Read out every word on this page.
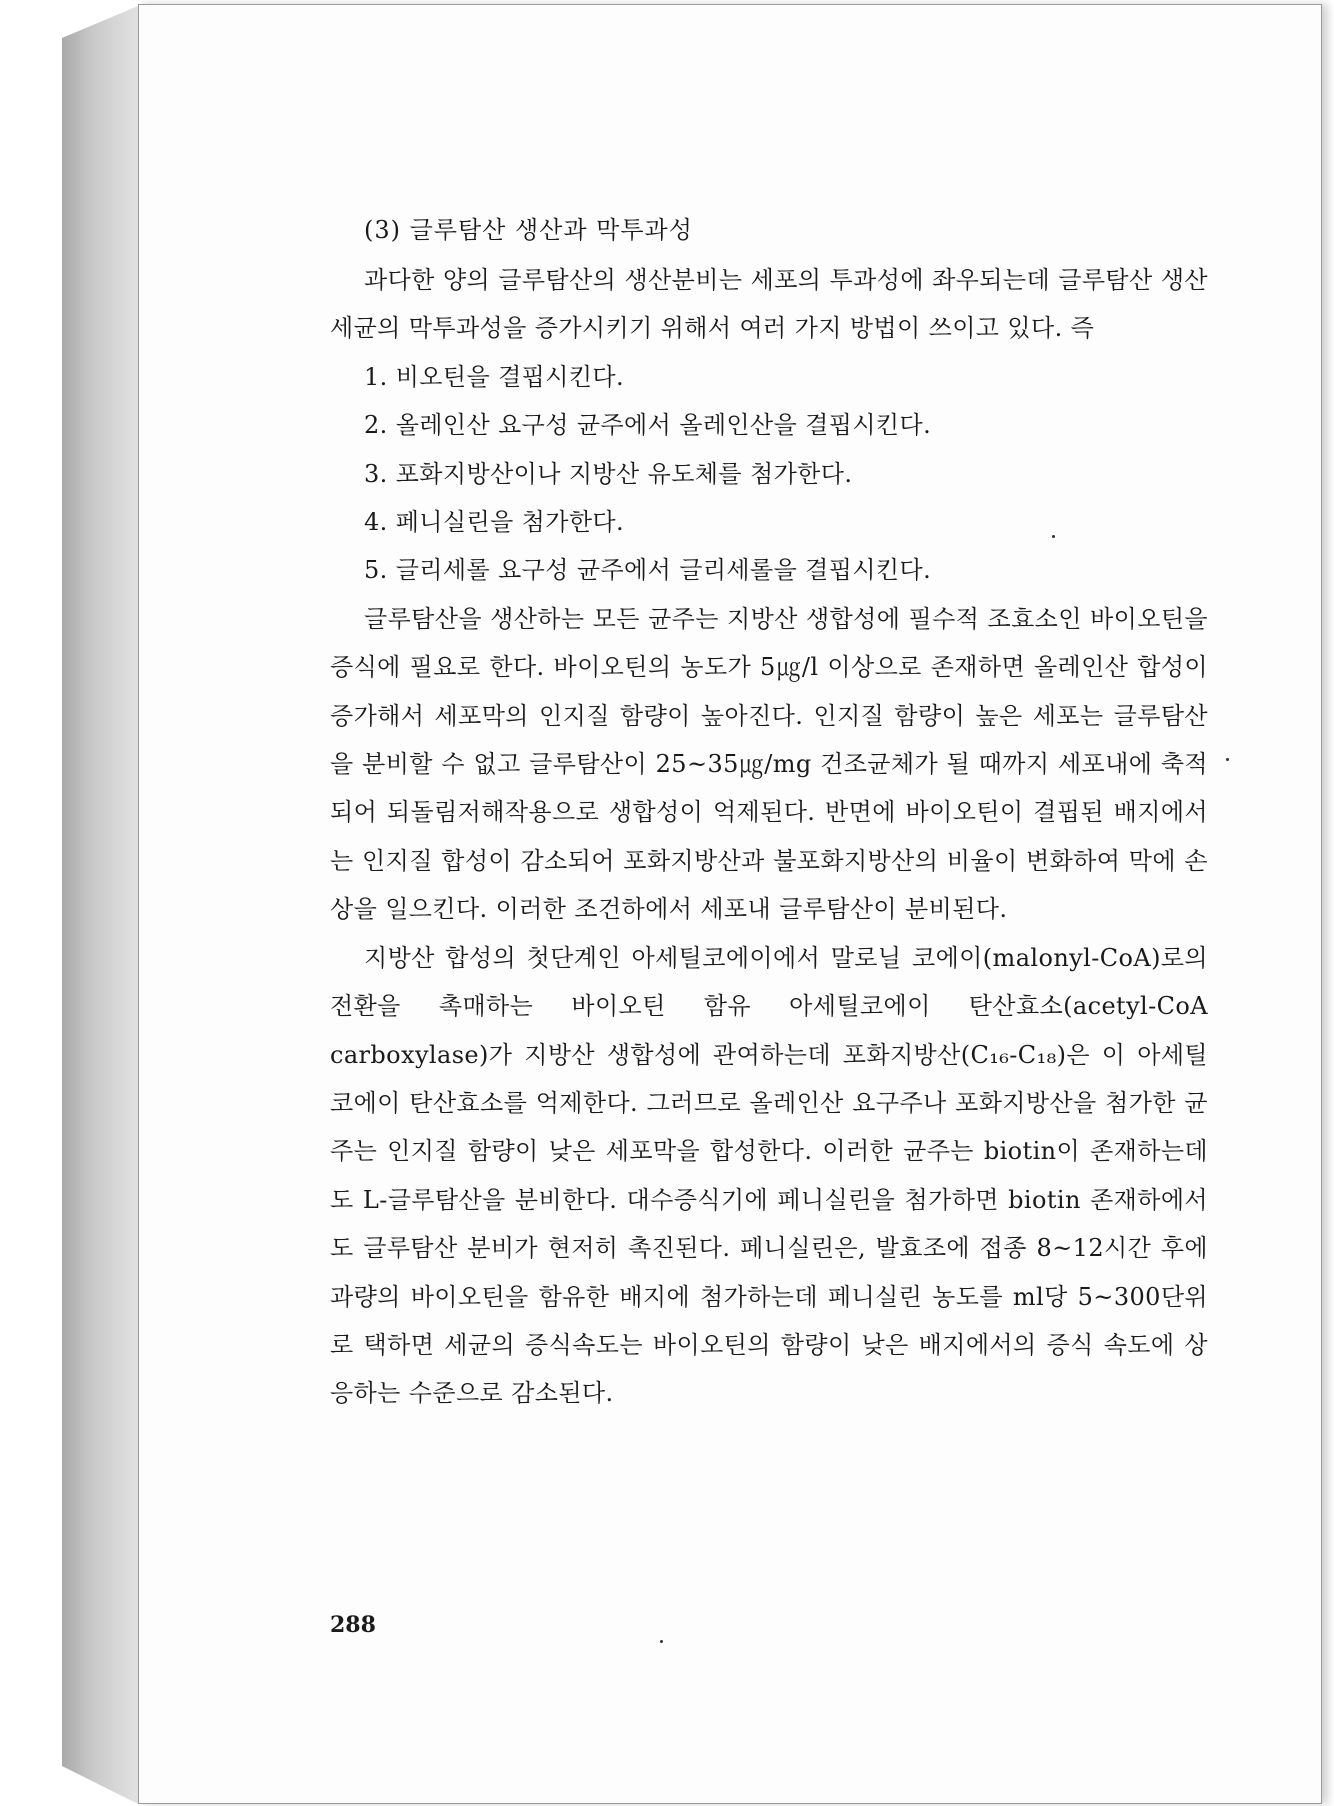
(3) 글루탐산 생산과 막투과성

과다한 양의 글루탐산의 생산분비는 세포의 투과성에 좌우되는데 글루탐산 생산세균의 막투과성을 증가시키기 위해서 여러 가지 방법이 쓰이고 있다. 즉

1. 비오틴을 결핍시킨다.
2. 올레인산 요구성 균주에서 올레인산을 결핍시킨다.
3. 포화지방산이나 지방산 유도체를 첨가한다.
4. 페니실린을 첨가한다.
5. 글리세롤 요구성 균주에서 글리세롤을 결핍시킨다.

글루탐산을 생산하는 모든 균주는 지방산 생합성에 필수적 조효소인 바이오틴을 증식에 필요로 한다. 바이오틴의 농도가 5㎍/l 이상으로 존재하면 올레인산 합성이 증가해서 세포막의 인지질 함량이 높아진다. 인지질 함량이 높은 세포는 글루탐산을 분비할 수 없고 글루탐산이 25~35㎍/mg 건조균체가 될 때까지 세포내에 축적되어 되돌림저해작용으로 생합성이 억제된다. 반면에 바이오틴이 결핍된 배지에서는 인지질 합성이 감소되어 포화지방산과 불포화지방산의 비율이 변화하여 막에 손상을 일으킨다. 이러한 조건하에서 세포내 글루탐산이 분비된다.

지방산 합성의 첫단계인 아세틸코에이에서 말로닐 코에이(malonyl-CoA)로의 전환을 촉매하는 바이오틴 함유 아세틸코에이 탄산효소(acetyl-CoA carboxylase)가 지방산 생합성에 관여하는데 포화지방산(C₁₆-C₁₈)은 이 아세틸코에이 탄산효소를 억제한다. 그러므로 올레인산 요구주나 포화지방산을 첨가한 균주는 인지질 함량이 낮은 세포막을 합성한다. 이러한 균주는 biotin이 존재하는데도 L-글루탐산을 분비한다. 대수증식기에 페니실린을 첨가하면 biotin 존재하에서도 글루탐산 분비가 현저히 촉진된다. 페니실린은, 발효조에 접종 8~12시간 후에 과량의 바이오틴을 함유한 배지에 첨가하는데 페니실린 농도를 ml당 5~300단위로 택하면 세균의 증식속도는 바이오틴의 함량이 낮은 배지에서의 증식 속도에 상응하는 수준으로 감소된다.

288
